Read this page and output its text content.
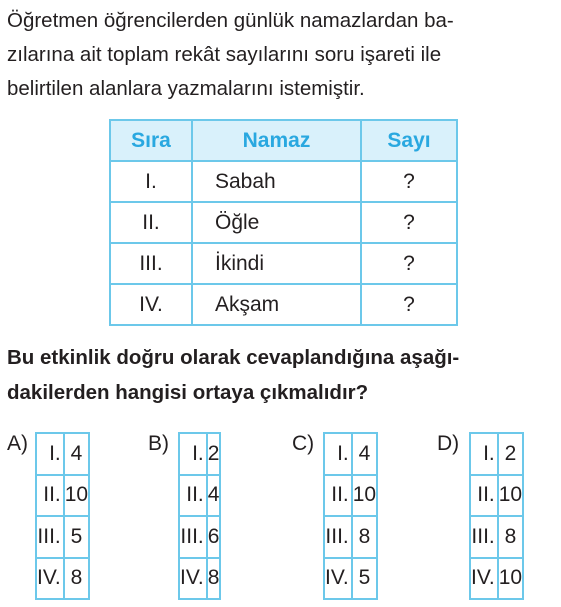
Öğretmen öğrencilerden günlük namazlardan ba-
zılarına ait toplam rekât sayılarını soru işareti ile
belirtilen alanlara yazmalarını istemiştir.
Sıra	Namaz	Sayı
I.	Sabah	?
II.	Öğle	?
III.	İkindi	?
IV.	Akşam	?
Bu etkinlik doğru olarak cevaplandığına aşağı-
dakilerden hangisi ortaya çıkmalıdır?
A) I.	4
II.	10
III.	5
IV.	8
B) I.	2
II.	4
III.	6
IV.	8
C) I.	4
II.	10
III.	8
IV.	5
D) I.	2
II.	10
III.	8
IV.	10
